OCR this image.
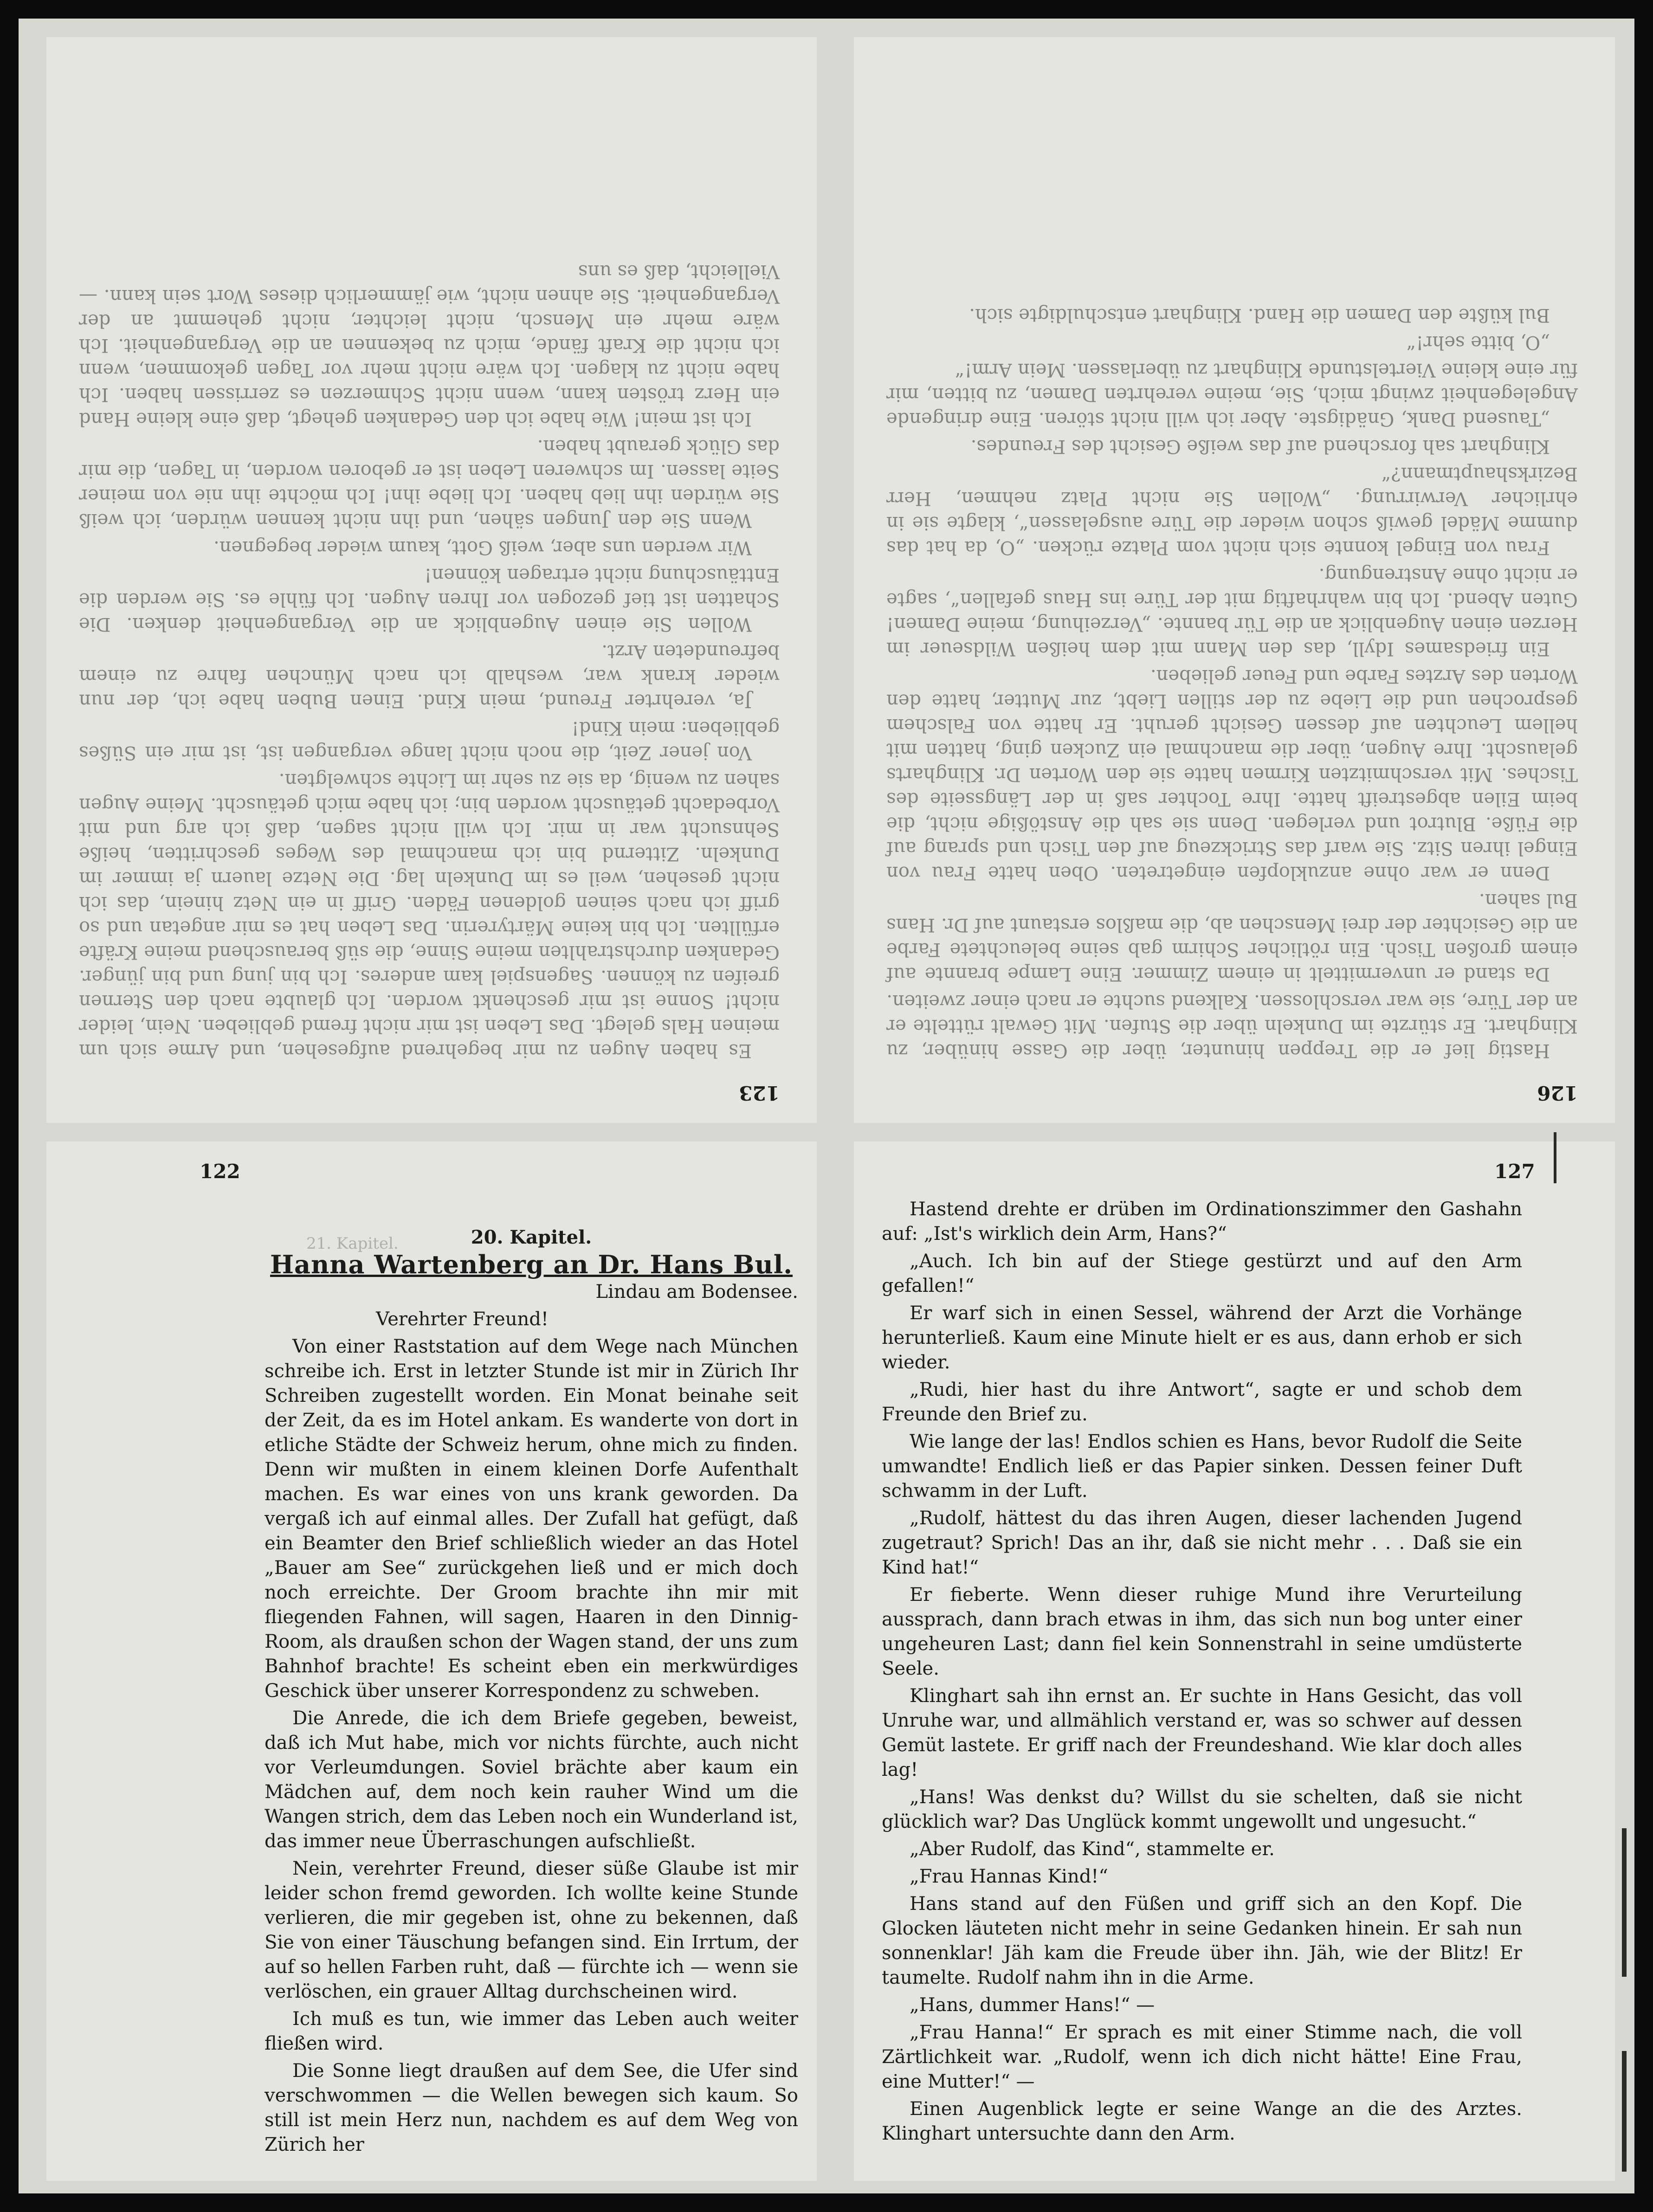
123

Es haben Augen zu mir begehrend aufgesehen, und Arme sich um meinen Hals gelegt. Das Leben ist mir nicht fremd geblieben. Nein, leider nicht! Sonne ist mir geschenkt worden. Ich glaubte nach den Sternen greifen zu können. Sagenspiel kam anderes. Ich bin jung und bin jünger. Gedanken durchstrahlten meine Sinne, die süß berauschend meine Kräfte erfüllten. Ich bin keine Märtyrerin. Das Leben hat es mir angetan und so griff ich nach seinen goldenen Fäden. Griff in ein Netz hinein, das ich nicht gesehen, weil es im Dunkeln lag. Die Netze lauern ja immer im Dunkeln. Zitternd bin ich manchmal des Weges geschritten, heiße Sehnsucht war in mir. Ich will nicht sagen, daß ich arg und mit Vorbedacht getäuscht worden bin; ich habe mich getäuscht. Meine Augen sahen zu wenig, da sie zu sehr im Lichte schwelgten.

Von jener Zeit, die noch nicht lange vergangen ist, ist mir ein Süßes geblieben: mein Kind!

Ja, verehrter Freund, mein Kind. Einen Buben habe ich, der nun wieder krank war, weshalb ich nach München fahre zu einem befreundeten Arzt.

Wollen Sie einen Augenblick an die Vergangenheit denken. Die Schatten ist tief gezogen vor Ihren Augen. Ich fühle es. Sie werden die Enttäuschung nicht ertragen können!

Wir werden uns aber, weiß Gott, kaum wieder begegnen.

Wenn Sie den Jungen sähen, und ihn nicht kennen würden, ich weiß Sie würden ihn lieb haben. Ich liebe ihn! Ich möchte ihn nie von meiner Seite lassen. Im schweren Leben ist er geboren worden, in Tagen, die mir das Glück geraubt haben.

Ich ist mein! Wie habe ich den Gedanken gehegt, daß eine kleine Hand ein Herz trösten kann, wenn nicht Schmerzen es zerrissen haben. Ich habe nicht zu klagen. Ich wäre nicht mehr vor Tagen gekommen, wenn ich nicht die Kraft fände, mich zu bekennen an die Vergangenheit. Ich wäre mehr ein Mensch, nicht leichter, nicht gehemmt an der Vergangenheit. Sie ahnen nicht, wie jämmerlich dieses Wort sein kann. — Vielleicht, daß es uns

126

Hastig lief er die Treppen hinunter, über die Gasse hinüber, zu Klinghart. Er stürzte im Dunkeln über die Stufen. Mit Gewalt rüttelte er an der Türe, sie war verschlossen. Kalkend suchte er nach einer zweiten.

Da stand er unvermittelt in einem Zimmer. Eine Lampe brannte auf einem großen Tisch. Ein rötlicher Schirm gab seine beleuchtete Farbe an die Gesichter der drei Menschen ab, die maßlos erstaunt auf Dr. Hans Bul sahen.

Denn er war ohne anzuklopfen eingetreten. Oben hatte Frau von Eingel ihren Sitz. Sie warf das Strickzeug auf den Tisch und sprang auf die Füße. Blutrot und verlegen. Denn sie sah die Anstößige nicht, die beim Eilen abgestreift hatte. Ihre Tochter saß in der Längsseite des Tisches. Mit verschmitzten Kirmen hatte sie den Worten Dr. Klingharts gelauscht. Ihre Augen, über die manchmal ein Zucken ging, hatten mit hellem Leuchten auf dessen Gesicht geruht. Er hatte von Falschem gesprochen und die Liebe zu der stillen Liebt, zur Mutter, hatte den Worten des Arztes Farbe und Feuer gelieben.

Ein friedsames Idyll, das den Mann mit dem heißen Wildseuer im Herzen einen Augenblick an die Tür bannte. „Verzeihung, meine Damen! Guten Abend. Ich bin wahrhaftig mit der Türe ins Haus gefallen“, sagte er nicht ohne Anstrengung.

Frau von Eingel konnte sich nicht vom Platze rücken. „O, da hat das dumme Mädel gewiß schon wieder die Türe ausgelassen“, klagte sie in ehrlicher Verwirrung. „Wollen Sie nicht Platz nehmen, Herr Bezirkshauptmann?“

Klinghart sah forschend auf das weiße Gesicht des Freundes.

„Tausend Dank, Gnädigste. Aber ich will nicht stören. Eine dringende Angelegenheit zwingt mich, Sie, meine verehrten Damen, zu bitten, mir für eine kleine Viertelstunde Klinghart zu überlassen. Mein Arm!“

„O, bitte sehr!“

Bul küßte den Damen die Hand. Klinghart entschuldigte sich.

122
21. Kapitel.	20. Kapitel.

Hanna Wartenberg an Dr. Hans Bul.

Lindau am Bodensee.

Verehrter Freund!

Von einer Raststation auf dem Wege nach München schreibe ich. Erst in letzter Stunde ist mir in Zürich Ihr Schreiben zugestellt worden. Ein Monat beinahe seit der Zeit, da es im Hotel ankam. Es wanderte von dort in etliche Städte der Schweiz herum, ohne mich zu finden. Denn wir mußten in einem kleinen Dorfe Aufenthalt machen. Es war eines von uns krank geworden. Da vergaß ich auf einmal alles. Der Zufall hat gefügt, daß ein Beamter den Brief schließlich wieder an das Hotel „Bauer am See“ zurückgehen ließ und er mich doch noch erreichte. Der Groom brachte ihn mir mit fliegenden Fahnen, will sagen, Haaren in den Dinnig-Room, als draußen schon der Wagen stand, der uns zum Bahnhof brachte! Es scheint eben ein merkwürdiges Geschick über unserer Korrespondenz zu schweben.

Die Anrede, die ich dem Briefe gegeben, beweist, daß ich Mut habe, mich vor nichts fürchte, auch nicht vor Verleumdungen. Soviel brächte aber kaum ein Mädchen auf, dem noch kein rauher Wind um die Wangen strich, dem das Leben noch ein Wunderland ist, das immer neue Überraschungen aufschließt.

Nein, verehrter Freund, dieser süße Glaube ist mir leider schon fremd geworden. Ich wollte keine Stunde verlieren, die mir gegeben ist, ohne zu bekennen, daß Sie von einer Täuschung befangen sind. Ein Irrtum, der auf so hellen Farben ruht, daß — fürchte ich — wenn sie verlöschen, ein grauer Alltag durchscheinen wird.

Ich muß es tun, wie immer das Leben auch weiter fließen wird.

Die Sonne liegt draußen auf dem See, die Ufer sind verschwommen — die Wellen bewegen sich kaum. So still ist mein Herz nun, nachdem es auf dem Weg von Zürich her

127

Hastend drehte er drüben im Ordinationszimmer den Gashahn auf: „Ist's wirklich dein Arm, Hans?“

„Auch. Ich bin auf der Stiege gestürzt und auf den Arm gefallen!“

Er warf sich in einen Sessel, während der Arzt die Vorhänge herunterließ. Kaum eine Minute hielt er es aus, dann erhob er sich wieder.

„Rudi, hier hast du ihre Antwort“, sagte er und schob dem Freunde den Brief zu.

Wie lange der las! Endlos schien es Hans, bevor Rudolf die Seite umwandte! Endlich ließ er das Papier sinken. Dessen feiner Duft schwamm in der Luft.

„Rudolf, hättest du das ihren Augen, dieser lachenden Jugend zugetraut? Sprich! Das an ihr, daß sie nicht mehr . . . Daß sie ein Kind hat!“

Er fieberte. Wenn dieser ruhige Mund ihre Verurteilung aussprach, dann brach etwas in ihm, das sich nun bog unter einer ungeheuren Last; dann fiel kein Sonnenstrahl in seine umdüsterte Seele.

Klinghart sah ihn ernst an. Er suchte in Hans Gesicht, das voll Unruhe war, und allmählich verstand er, was so schwer auf dessen Gemüt lastete. Er griff nach der Freundeshand. Wie klar doch alles lag!

„Hans! Was denkst du? Willst du sie schelten, daß sie nicht glücklich war? Das Unglück kommt ungewollt und ungesucht.“

„Aber Rudolf, das Kind“, stammelte er.

„Frau Hannas Kind!“

Hans stand auf den Füßen und griff sich an den Kopf. Die Glocken läuteten nicht mehr in seine Gedanken hinein. Er sah nun sonnenklar! Jäh kam die Freude über ihn. Jäh, wie der Blitz! Er taumelte. Rudolf nahm ihn in die Arme.

„Hans, dummer Hans!“ —

„Frau Hanna!“ Er sprach es mit einer Stimme nach, die voll Zärtlichkeit war. „Rudolf, wenn ich dich nicht hätte! Eine Frau, eine Mutter!“ —

Einen Augenblick legte er seine Wange an die des Arztes. Klinghart untersuchte dann den Arm.
